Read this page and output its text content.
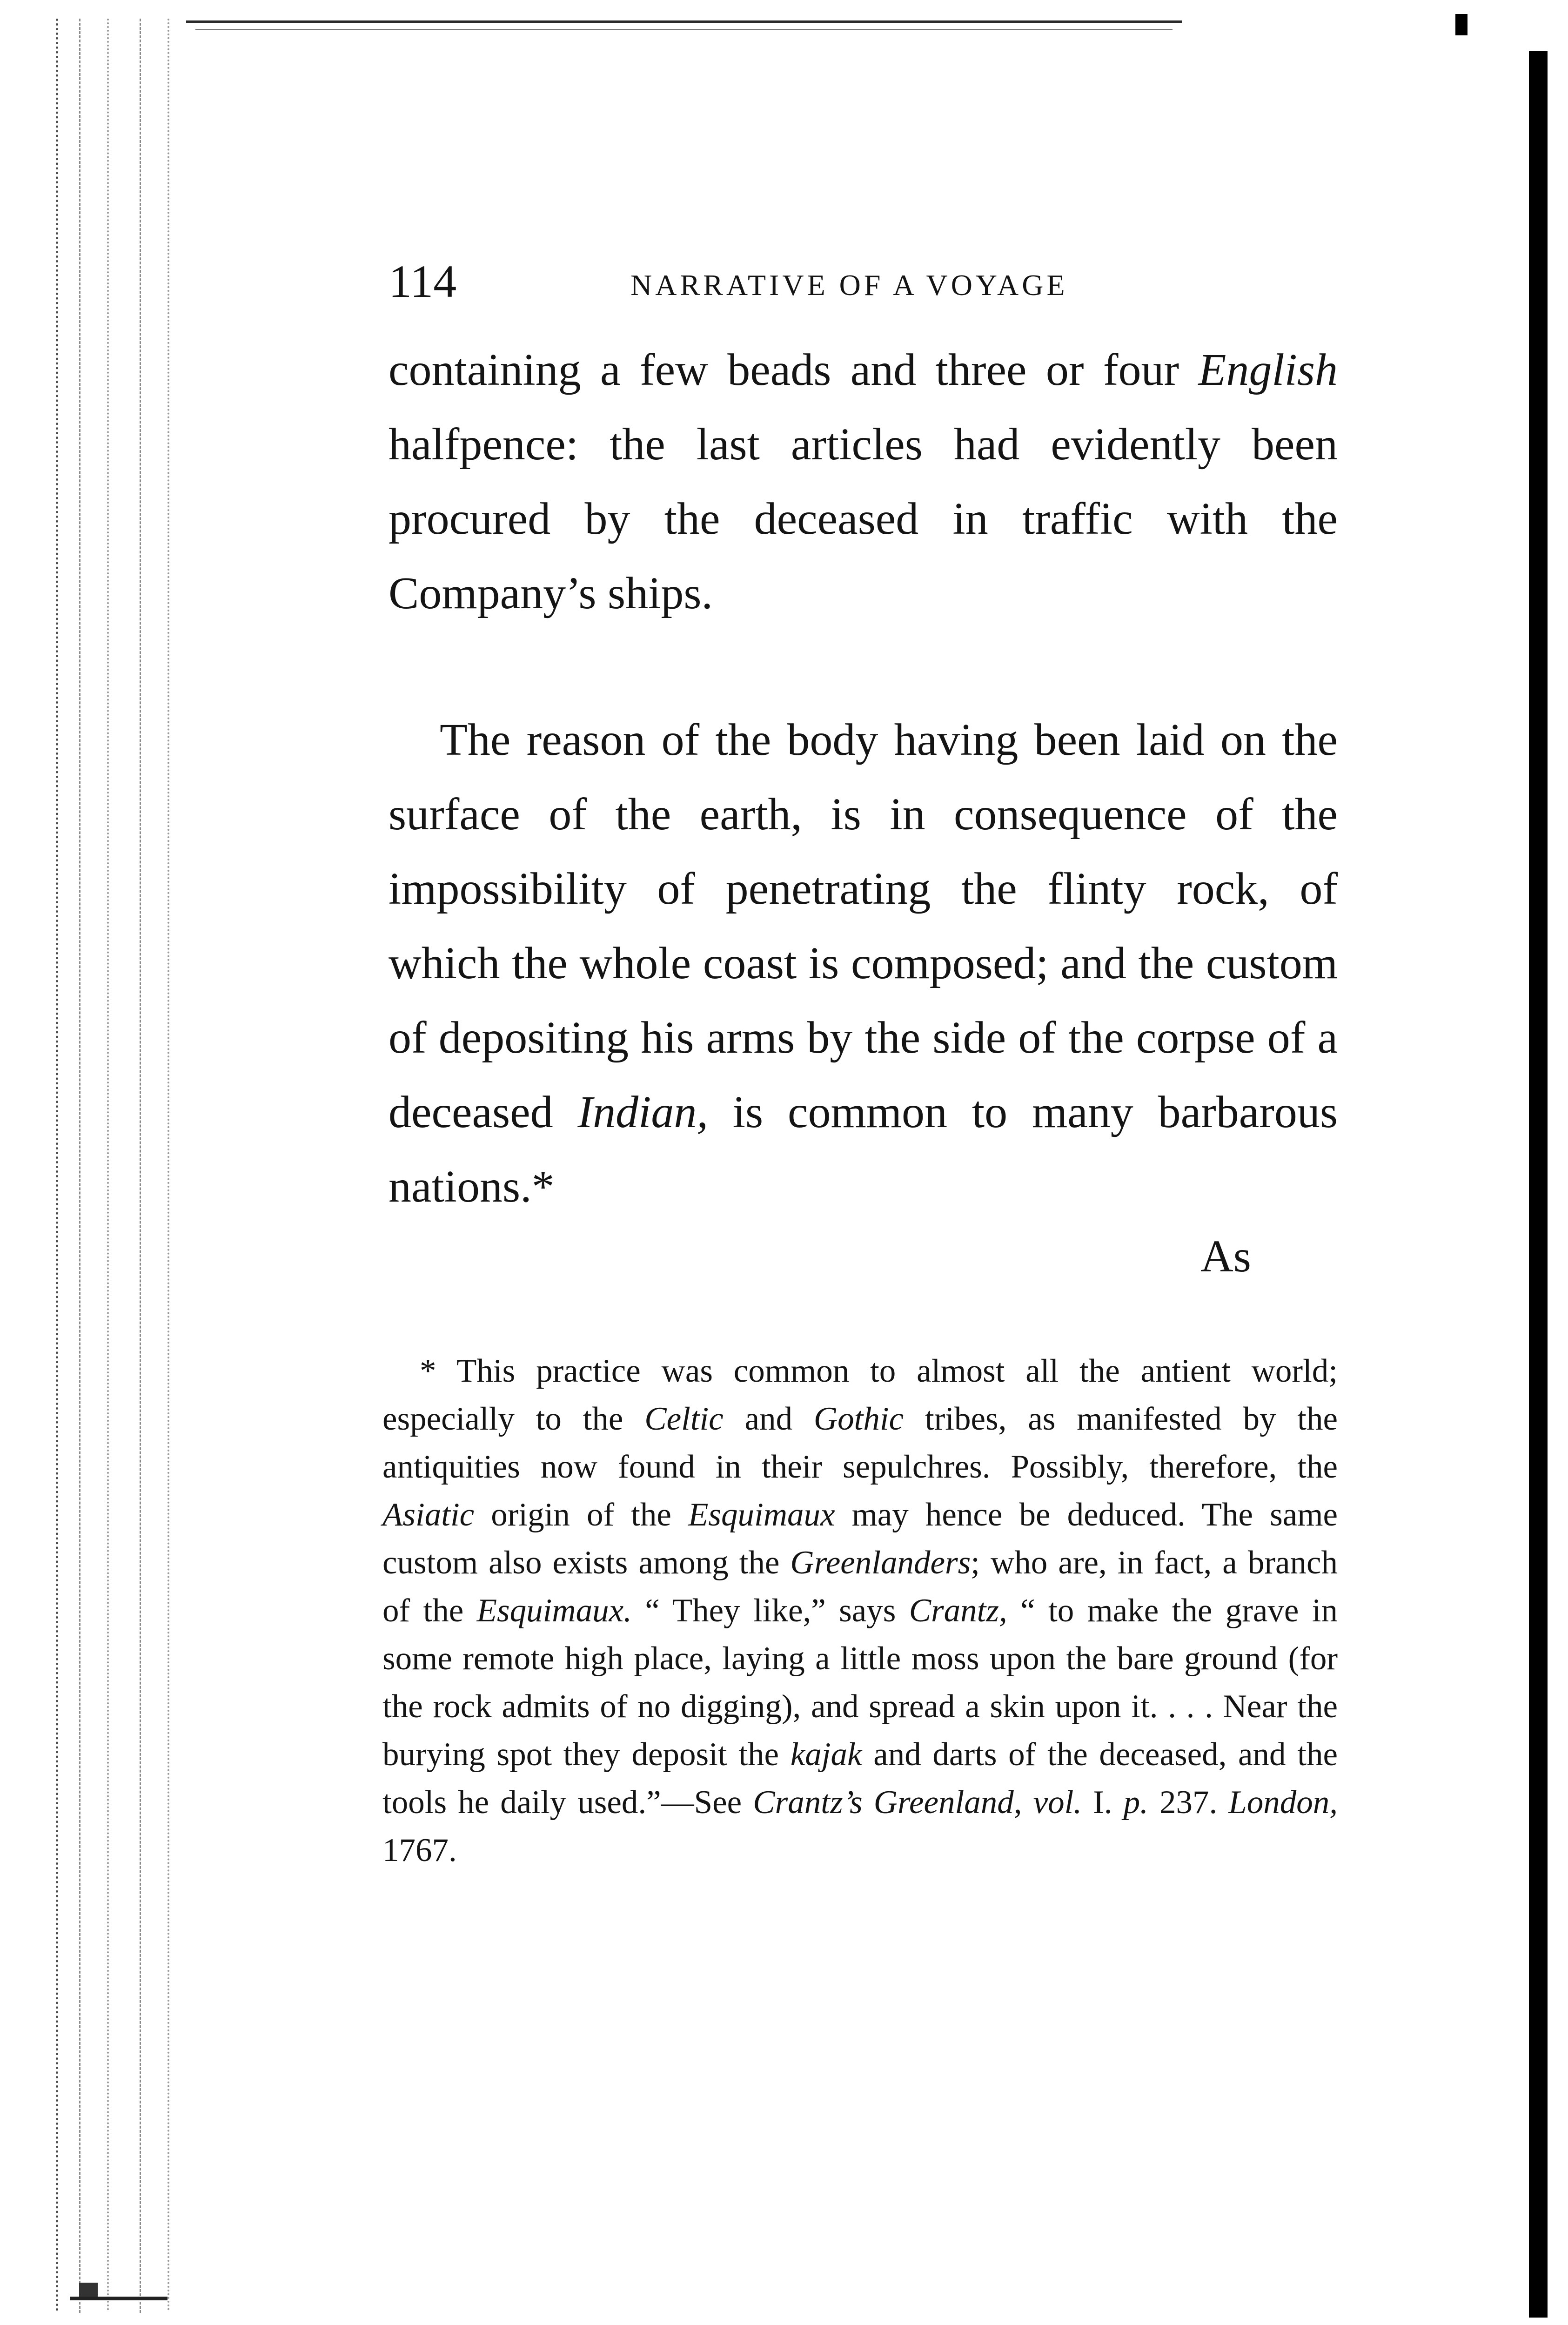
114	NARRATIVE OF A VOYAGE

containing a few beads and three or four English halfpence: the last articles had evidently been procured by the deceased in traffic with the Company’s ships.

The reason of the body having been laid on the surface of the earth, is in consequence of the impossibility of penetrating the flinty rock, of which the whole coast is composed; and the custom of depositing his arms by the side of the corpse of a deceased Indian, is common to many barbarous nations.*

As

* This practice was common to almost all the antient world; especially to the Celtic and Gothic tribes, as manifested by the antiquities now found in their sepulchres. Possibly, therefore, the Asiatic origin of the Esquimaux may hence be deduced. The same custom also exists among the Greenlanders; who are, in fact, a branch of the Esquimaux. “ They like,” says Crantz, “ to make the grave in some remote high place, laying a little moss upon the bare ground (for the rock admits of no digging), and spread a skin upon it. . . . Near the burying spot they deposit the kajak and darts of the deceased, and the tools he daily used.”—See Crantz’s Greenland, vol. I. p. 237. London, 1767.
